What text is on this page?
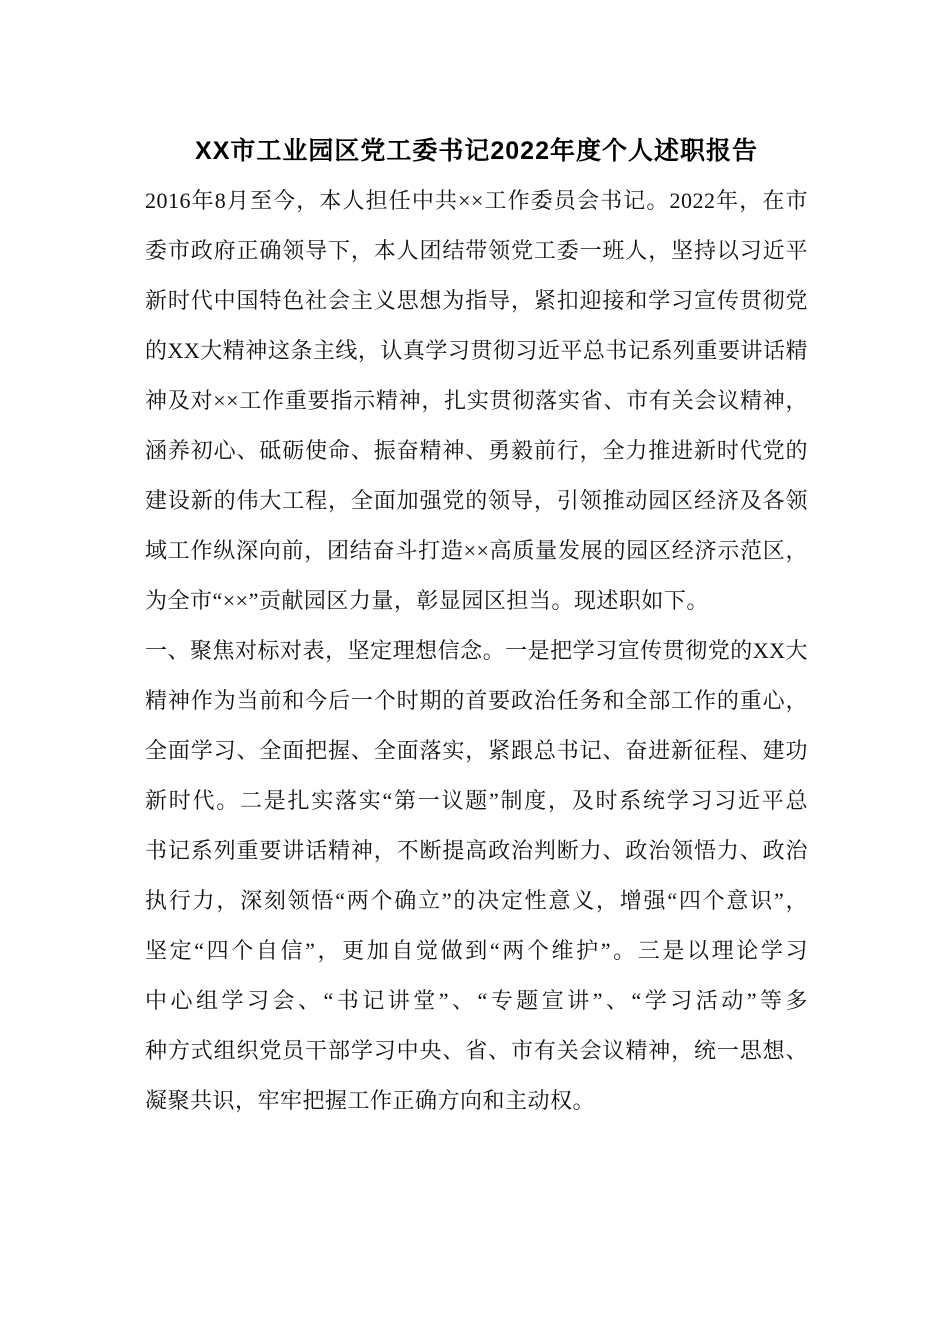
XX市工业园区党工委书记2022年度个人述职报告
2016年8月至今，本人担任中共××工作委员会书记。2022年，在市
委市政府正确领导下，本人团结带领党工委一班人，坚持以习近平
新时代中国特色社会主义思想为指导，紧扣迎接和学习宣传贯彻党
的XX大精神这条主线，认真学习贯彻习近平总书记系列重要讲话精
神及对××工作重要指示精神，扎实贯彻落实省、市有关会议精神，
涵养初心、砥砺使命、振奋精神、勇毅前行，全力推进新时代党的
建设新的伟大工程，全面加强党的领导，引领推动园区经济及各领
域工作纵深向前，团结奋斗打造××高质量发展的园区经济示范区，
为全市“××”贡献园区力量，彰显园区担当。现述职如下。
一、聚焦对标对表，坚定理想信念。一是把学习宣传贯彻党的XX大
精神作为当前和今后一个时期的首要政治任务和全部工作的重心，
全面学习、全面把握、全面落实，紧跟总书记、奋进新征程、建功
新时代。二是扎实落实“第一议题”制度，及时系统学习习近平总
书记系列重要讲话精神，不断提高政治判断力、政治领悟力、政治
执行力，深刻领悟“两个确立”的决定性意义，增强“四个意识”，
坚定“四个自信”，更加自觉做到“两个维护”。三是以理论学习
中心组学习会、“书记讲堂”、“专题宣讲”、“学习活动”等多
种方式组织党员干部学习中央、省、市有关会议精神，统一思想、
凝聚共识，牢牢把握工作正确方向和主动权。
